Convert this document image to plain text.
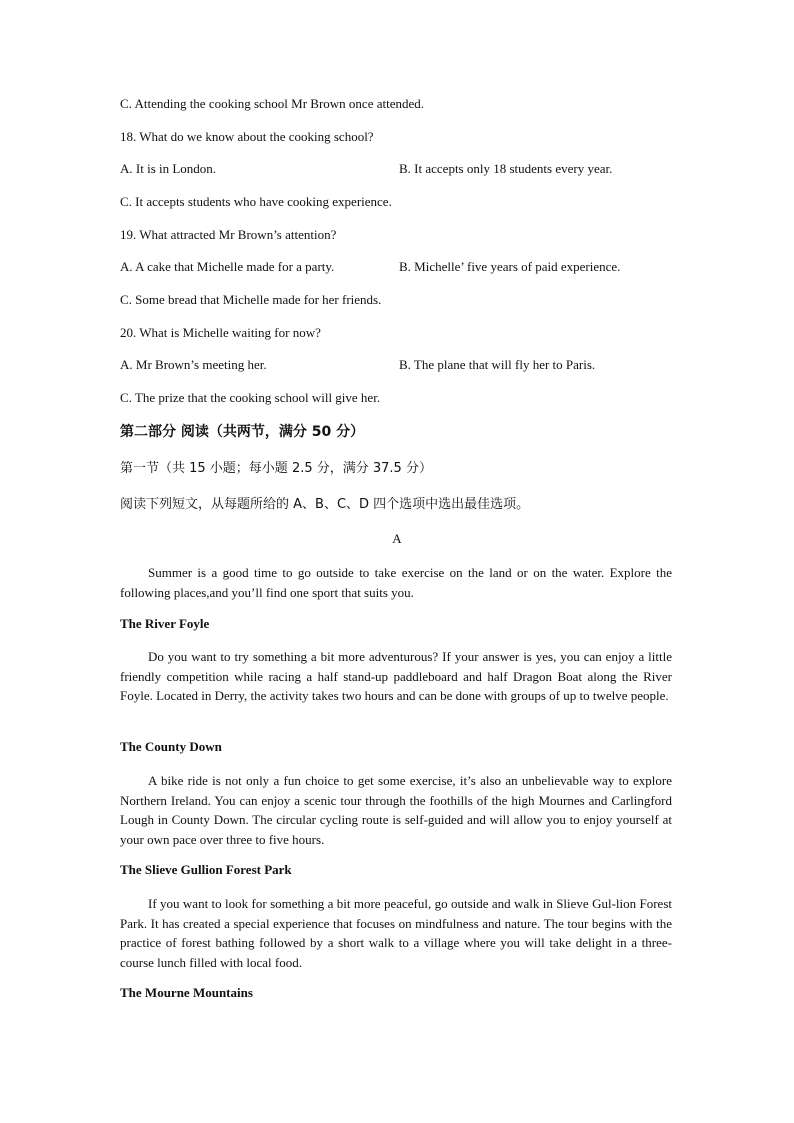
C. Attending the cooking school Mr Brown once attended.
18. What do we know about the cooking school?
A. It is in London.	B. It accepts only 18 students every year.
C. It accepts students who have cooking experience.
19. What attracted Mr Brown’s attention?
A. A cake that Michelle made for a party.	B. Michelle’ five years of paid experience.
C. Some bread that Michelle made for her friends.
20. What is Michelle waiting for now?
A. Mr Brown’s meeting her.	B. The plane that will fly her to Paris.
C. The prize that the cooking school will give her.
第二部分 阅读（共两节，满分 50 分）
第一节（共 15 小题；每小题 2.5 分，满分 37.5 分）
阅读下列短文，从每题所给的 A、B、C、D 四个选项中选出最佳选项。
A
Summer is a good time to go outside to take exercise on the land or on the water. Explore the following places,and you’ll find one sport that suits you.
The River Foyle
Do you want to try something a bit more adventurous? If your answer is yes, you can enjoy a little friendly competition while racing a half stand-up paddleboard and half Dragon Boat along the River Foyle. Located in Derry, the activity takes two hours and can be done with groups of up to twelve people.
The County Down
A bike ride is not only a fun choice to get some exercise, it’s also an unbelievable way to explore Northern Ireland. You can enjoy a scenic tour through the foothills of the high Mournes and Carlingford Lough in County Down. The circular cycling route is self-guided and will allow you to enjoy yourself at your own pace over three to five hours.
The Slieve Gullion Forest Park
If you want to look for something a bit more peaceful, go outside and walk in Slieve Gul-lion Forest Park. It has created a special experience that focuses on mindfulness and nature. The tour begins with the practice of forest bathing followed by a short walk to a village where you will take delight in a three-course lunch filled with local food.
The Mourne Mountains
